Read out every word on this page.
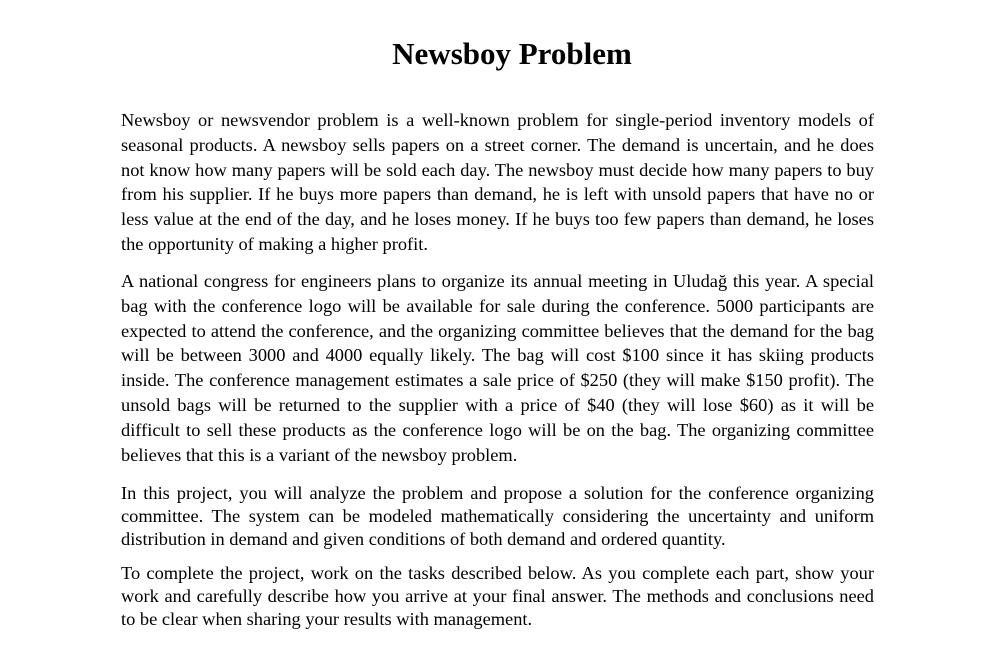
Newsboy Problem

Newsboy or newsvendor problem is a well-known problem for single-period inventory models of seasonal products. A newsboy sells papers on a street corner. The demand is uncertain, and he does not know how many papers will be sold each day. The newsboy must decide how many papers to buy from his supplier. If he buys more papers than demand, he is left with unsold papers that have no or less value at the end of the day, and he loses money. If he buys too few papers than demand, he loses the opportunity of making a higher profit.

A national congress for engineers plans to organize its annual meeting in Uludağ this year. A special bag with the conference logo will be available for sale during the conference. 5000 participants are expected to attend the conference, and the organizing committee believes that the demand for the bag will be between 3000 and 4000 equally likely. The bag will cost $100 since it has skiing products inside. The conference management estimates a sale price of $250 (they will make $150 profit). The unsold bags will be returned to the supplier with a price of $40 (they will lose $60) as it will be difficult to sell these products as the conference logo will be on the bag. The organizing committee believes that this is a variant of the newsboy problem.

In this project, you will analyze the problem and propose a solution for the conference organizing committee. The system can be modeled mathematically considering the uncertainty and uniform distribution in demand and given conditions of both demand and ordered quantity.

To complete the project, work on the tasks described below. As you complete each part, show your work and carefully describe how you arrive at your final answer. The methods and conclusions need to be clear when sharing your results with management.
